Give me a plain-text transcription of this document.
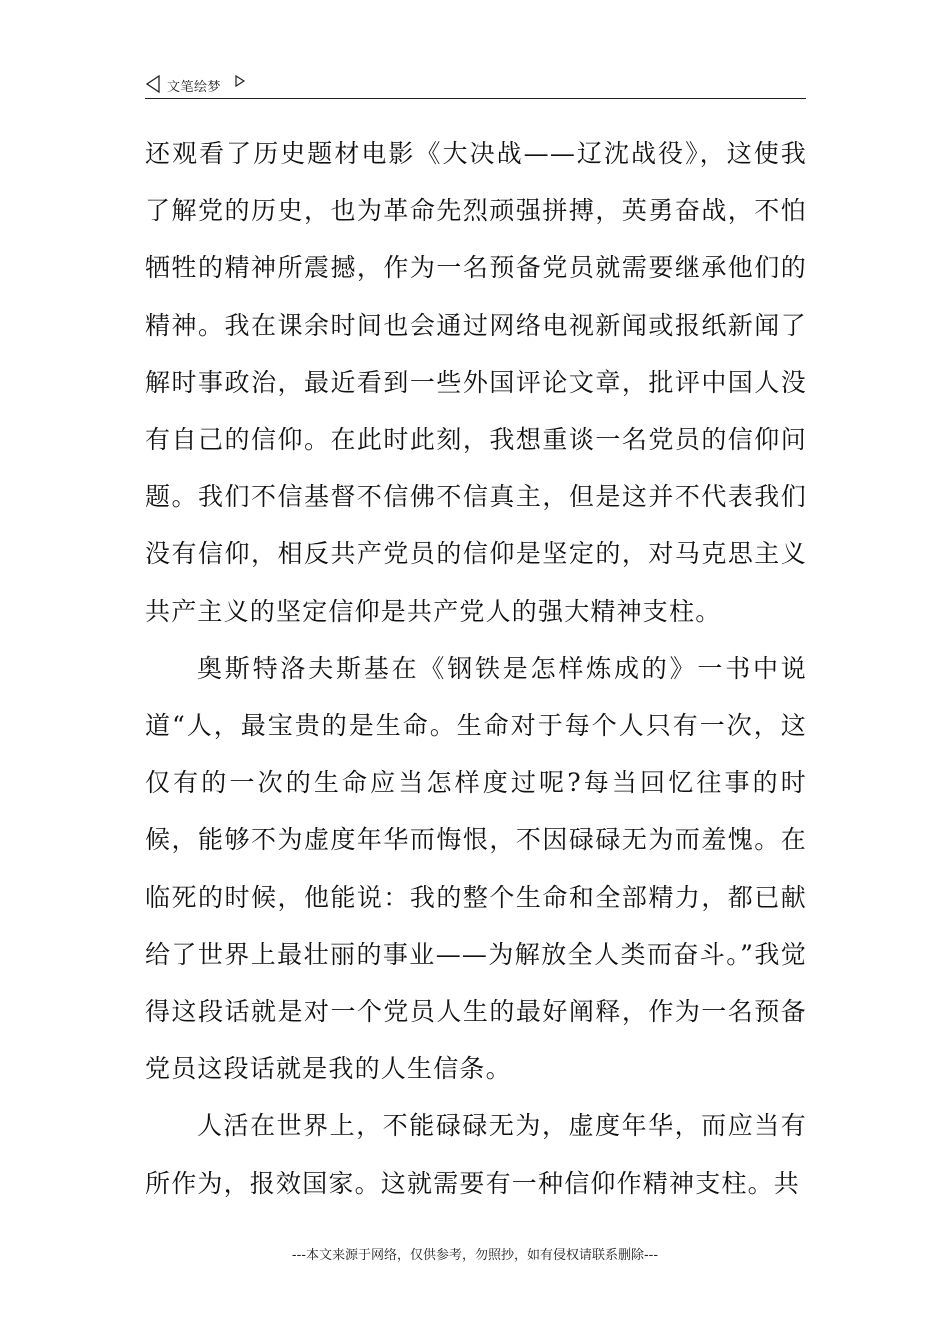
文笔绘梦

还观看了历史题材电影《大决战——辽沈战役》，这使我了解党的历史，也为革命先烈顽强拼搏，英勇奋战，不怕牺牲的精神所震撼，作为一名预备党员就需要继承他们的精神。我在课余时间也会通过网络电视新闻或报纸新闻了解时事政治，最近看到一些外国评论文章，批评中国人没有自己的信仰。在此时此刻，我想重谈一名党员的信仰问题。我们不信基督不信佛不信真主，但是这并不代表我们没有信仰，相反共产党员的信仰是坚定的，对马克思主义共产主义的坚定信仰是共产党人的强大精神支柱。

奥斯特洛夫斯基在《钢铁是怎样炼成的》一书中说道“人，最宝贵的是生命。生命对于每个人只有一次，这仅有的一次的生命应当怎样度过呢?每当回忆往事的时候，能够不为虚度年华而悔恨，不因碌碌无为而羞愧。在临死的时候，他能说：我的整个生命和全部精力，都已献给了世界上最壮丽的事业——为解放全人类而奋斗。”我觉得这段话就是对一个党员人生的最好阐释，作为一名预备党员这段话就是我的人生信条。

人活在世界上，不能碌碌无为，虚度年华，而应当有所作为，报效国家。这就需要有一种信仰作精神支柱。共

---本文来源于网络，仅供参考，勿照抄，如有侵权请联系删除---
